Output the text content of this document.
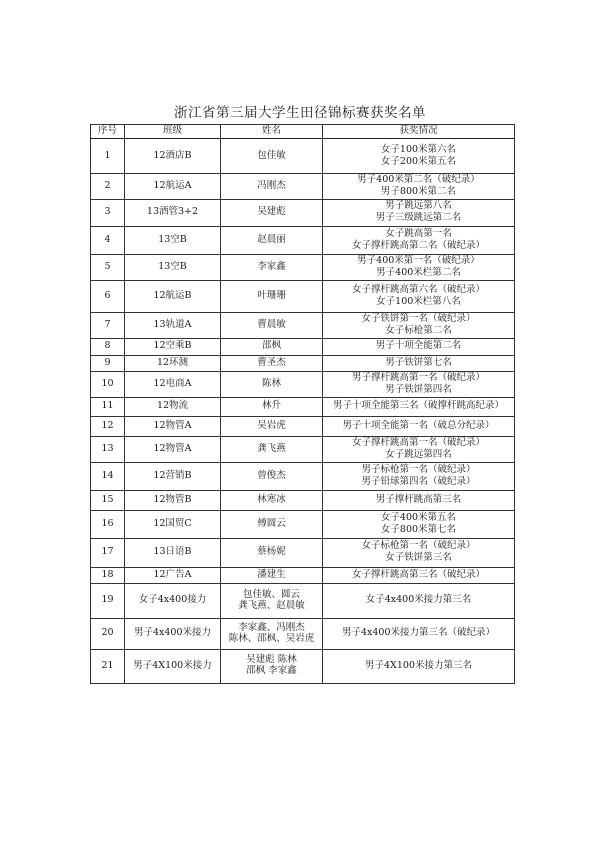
浙江省第三届大学生田径锦标赛获奖名单
序号	班级	姓名	获奖情况
1	12酒店B	包佳敏	女子100米第六名
女子200米第五名

2	12航运A	冯刚杰	男子400米第二名（破纪录）
男子800米第二名

3	13酒管3+2	吴建彪	男子跳远第八名
男子三级跳远第二名

4	13空B	赵晨丽	女子跳高第一名
女子撑杆跳高第二名（破纪录）

5	13空B	李家鑫	男子400米第一名（破纪录）
男子400米栏第二名

6	12航运B	叶珊珊	女子撑杆跳高第六名（破纪录）
女子100米栏第八名

7	13轨道A	曹晨敏	女子铁饼第一名（破纪录）
女子标枪第二名

8	12空乘B	邵枫	男子十项全能第二名

9	12环测	曹圣杰	男子铁饼第七名

10	12电商A	陈林	男子撑杆跳高第一名（破纪录）
男子铁饼第四名

11	12物流	林升	男子十项全能第三名（破撑杆跳高纪录）

12	12物管A	吴岩虎	男子十项全能第一名（破总分纪录）

13	12物管A	龚飞燕	女子撑杆跳高第一名（破纪录）
女子跳远第四名

14	12营销B	曾俊杰	男子标枪第一名（破纪录）
男子铅球第四名（破纪录）

15	12物管B	林寒冰	男子撑杆跳高第三名

16	12国贸C	傅圆云	女子400米第五名
女子800米第七名

17	13日语B	蔡杨妮	女子标枪第一名（破纪录）
女子铁饼第三名

18	12广告A	潘建生	女子撑杆跳高第三名（破纪录）

19	女子4x400接力	包佳敏、圆云
龚飞燕、赵晨敏	女子4x400米接力第三名

20	男子4x400米接力	李家鑫、冯刚杰
陈林、邵枫、吴岩虎	男子4x400米接力第三名（破纪录）

21	男子4X100米接力	吴建彪 陈林
邵枫 李家鑫	男子4X100米接力第三名
